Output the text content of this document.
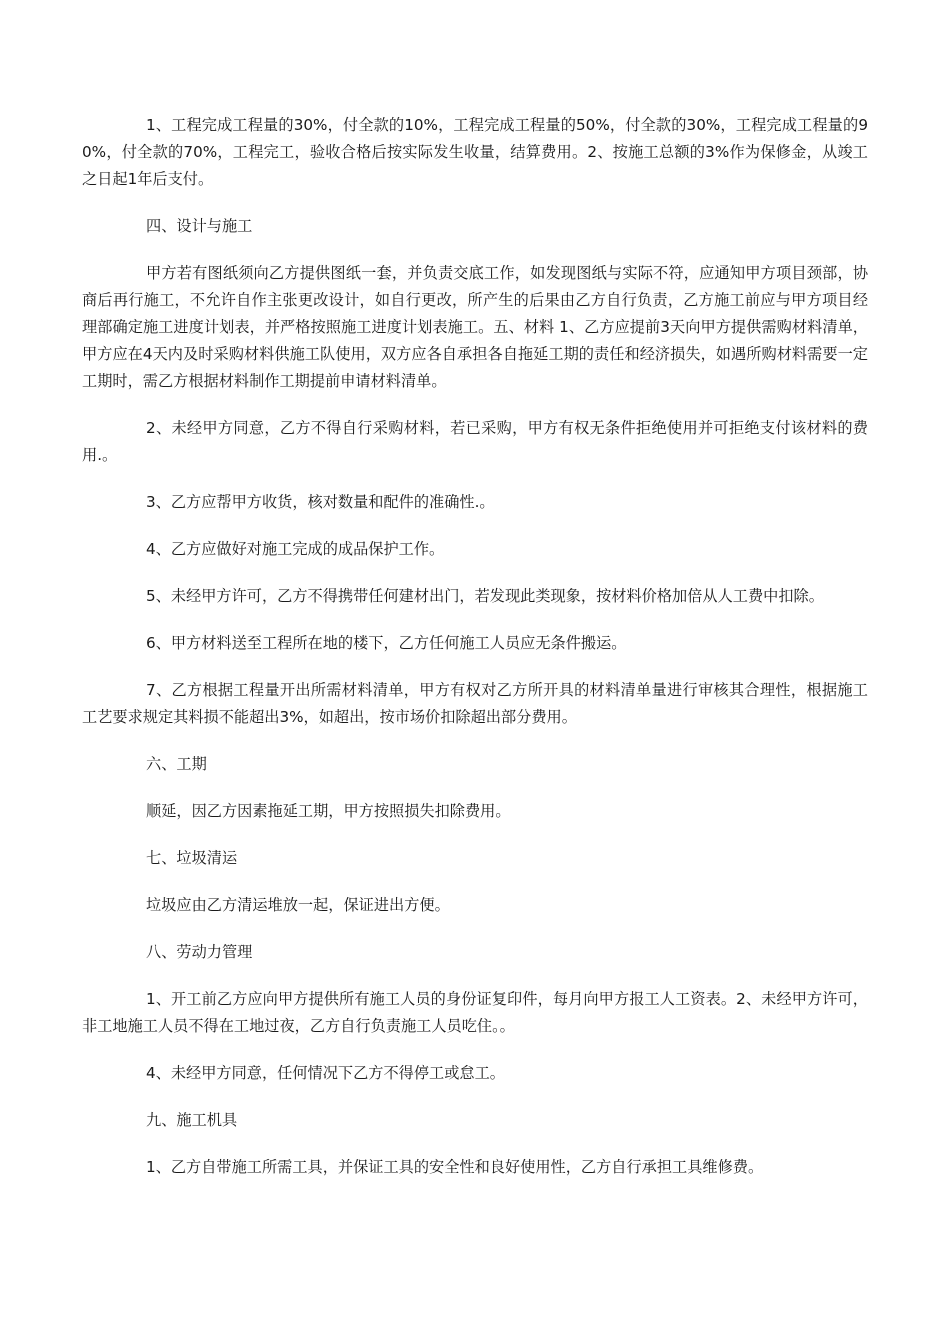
1、工程完成工程量的30%，付全款的10%，工程完成工程量的50%，付全款的30%，工程完成工程量的90%，付全款的70%，工程完工，验收合格后按实际发生收量，结算费用。2、按施工总额的3%作为保修金，从竣工之日起1年后支付。

四、设计与施工

甲方若有图纸须向乙方提供图纸一套，并负责交底工作，如发现图纸与实际不符，应通知甲方项目颈部，协商后再行施工，不允许自作主张更改设计，如自行更改，所产生的后果由乙方自行负责，乙方施工前应与甲方项目经理部确定施工进度计划表，并严格按照施工进度计划表施工。五、材料 1、乙方应提前3天向甲方提供需购材料清单，甲方应在4天内及时采购材料供施工队使用，双方应各自承担各自拖延工期的责任和经济损失，如遇所购材料需要一定工期时，需乙方根据材料制作工期提前申请材料清单。

2、未经甲方同意，乙方不得自行采购材料，若已采购，甲方有权无条件拒绝使用并可拒绝支付该材料的费用.。

3、乙方应帮甲方收货，核对数量和配件的准确性.。

4、乙方应做好对施工完成的成品保护工作。

5、未经甲方许可，乙方不得携带任何建材出门，若发现此类现象，按材料价格加倍从人工费中扣除。

6、甲方材料送至工程所在地的楼下，乙方任何施工人员应无条件搬运。

7、乙方根据工程量开出所需材料清单，甲方有权对乙方所开具的材料清单量进行审核其合理性，根据施工工艺要求规定其料损不能超出3%，如超出，按市场价扣除超出部分费用。

六、工期

顺延，因乙方因素拖延工期，甲方按照损失扣除费用。

七、垃圾清运

垃圾应由乙方清运堆放一起，保证进出方便。

八、劳动力管理

1、开工前乙方应向甲方提供所有施工人员的身份证复印件，每月向甲方报工人工资表。2、未经甲方许可，非工地施工人员不得在工地过夜，乙方自行负责施工人员吃住。。

4、未经甲方同意，任何情况下乙方不得停工或怠工。

九、施工机具

1、乙方自带施工所需工具，并保证工具的安全性和良好使用性，乙方自行承担工具维修费。
